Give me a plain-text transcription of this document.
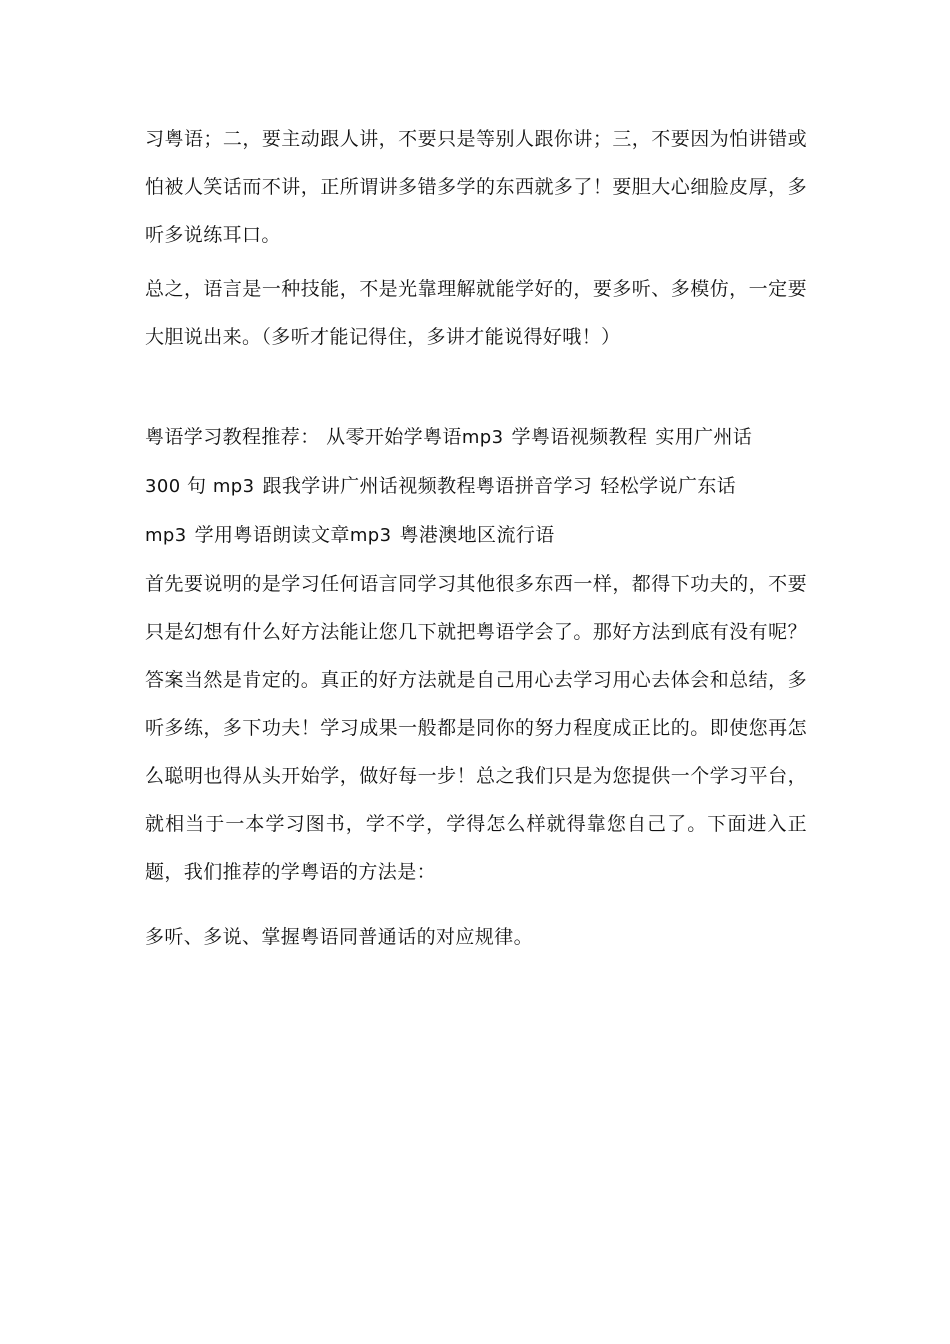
习粤语；二，要主动跟人讲，不要只是等别人跟你讲；三，不要因为怕讲错或怕被人笑话而不讲，正所谓讲多错多学的东西就多了！要胆大心细脸皮厚，多听多说练耳口。

总之，语言是一种技能，不是光靠理解就能学好的，要多听、多模仿，一定要大胆说出来。（多听才能记得住，多讲才能说得好哦！）

粤语学习教程推荐： 从零开始学粤语mp3 学粤语视频教程 实用广州话
300 句 mp3 跟我学讲广州话视频教程粤语拼音学习 轻松学说广东话
mp3 学用粤语朗读文章mp3 粤港澳地区流行语

首先要说明的是学习任何语言同学习其他很多东西一样，都得下功夫的，不要只是幻想有什么好方法能让您几下就把粤语学会了。那好方法到底有没有呢？答案当然是肯定的。真正的好方法就是自己用心去学习用心去体会和总结，多听多练，多下功夫！学习成果一般都是同你的努力程度成正比的。即使您再怎么聪明也得从头开始学，做好每一步！总之我们只是为您提供一个学习平台，就相当于一本学习图书，学不学，学得怎么样就得靠您自己了。下面进入正题，我们推荐的学粤语的方法是：

多听、多说、掌握粤语同普通话的对应规律。
